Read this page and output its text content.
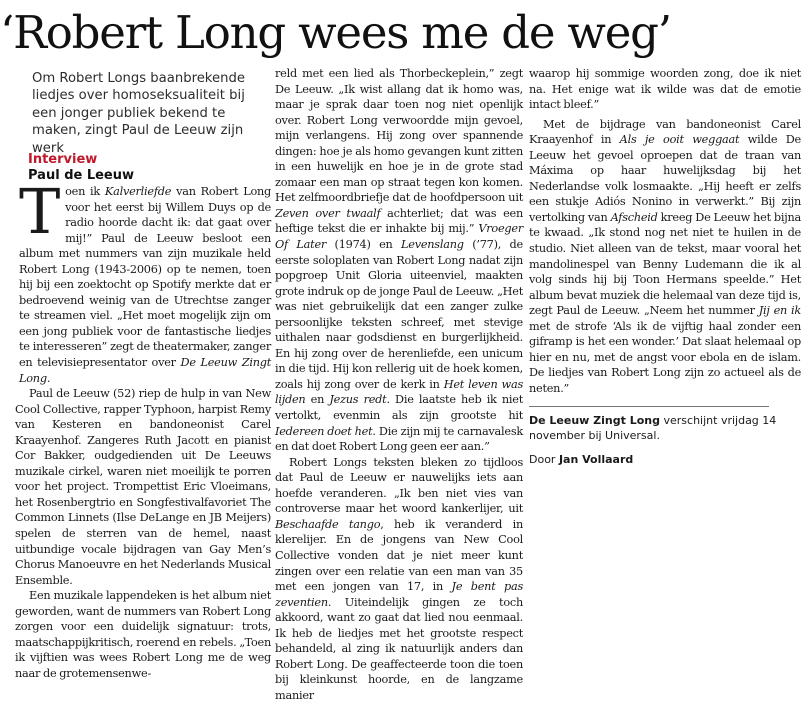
‘Robert Long wees me de weg’

Om Robert Longs baanbrekende liedjes over homoseksualiteit bij een jonger publiek bekend te maken, zingt Paul de Leeuw zijn werk

Interview
Paul de Leeuw

Toen ik Kalverliefde van Robert Long voor het eerst bij Willem Duys op de radio hoorde dacht ik: dat gaat over mij!” Paul de Leeuw besloot een album met nummers van zijn muzikale held Robert Long (1943-2006) op te nemen, toen hij bij een zoektocht op Spotify merkte dat er bedroevend weinig van de Utrechtse zanger te streamen viel. „Het moet mogelijk zijn om een jong publiek voor de fantastische liedjes te interesseren” zegt de theatermaker, zanger en televisiepresentator over De Leeuw Zingt Long.

Paul de Leeuw (52) riep de hulp in van New Cool Collective, rapper Typhoon, harpist Remy van Kesteren en bandoneonist Carel Kraayenhof. Zangeres Ruth Jacott en pianist Cor Bakker, oudgedienden uit De Leeuws muzikale cirkel, waren niet moeilijk te porren voor het project. Trompettist Eric Vloeimans, het Rosenbergtrio en Songfestivalfavoriet The Common Linnets (Ilse DeLange en JB Meijers) spelen de sterren van de hemel, naast uitbundige vocale bijdragen van Gay Men’s Chorus Manoeuvre en het Nederlands Musical Ensemble.

Een muzikale lappendeken is het album niet geworden, want de nummers van Robert Long zorgen voor een duidelijk signatuur: trots, maatschappijkritisch, roerend en rebels. „Toen ik vijftien was wees Robert Long me de weg naar de grotemensenwe-

reld met een lied als Thorbeckeplein,” zegt De Leeuw. „Ik wist allang dat ik homo was, maar je sprak daar toen nog niet openlijk over. Robert Long verwoordde mijn gevoel, mijn verlangens. Hij zong over spannende dingen: hoe je als homo gevangen kunt zitten in een huwelijk en hoe je in de grote stad zomaar een man op straat tegen kon komen. Het zelfmoordbriefje dat de hoofdpersoon uit Zeven over twaalf achterliet; dat was een heftige tekst die er inhakte bij mij.” Vroeger Of Later (1974) en Levenslang (’77), de eerste soloplaten van Robert Long nadat zijn popgroep Unit Gloria uiteenviel, maakten grote indruk op de jonge Paul de Leeuw. „Het was niet gebruikelijk dat een zanger zulke persoonlijke teksten schreef, met stevige uithalen naar godsdienst en burgerlijkheid. En hij zong over de herenliefde, een unicum in die tijd. Hij kon rellerig uit de hoek komen, zoals hij zong over de kerk in Het leven was lijden en Jezus redt. Die laatste heb ik niet vertolkt, evenmin als zijn grootste hit Iedereen doet het. Die zijn mij te carnavalesk en dat doet Robert Long geen eer aan.”

Robert Longs teksten bleken zo tijdloos dat Paul de Leeuw er nauwelijks iets aan hoefde veranderen. „Ik ben niet vies van controverse maar het woord kankerlijer, uit Beschaafde tango, heb ik veranderd in klerelijer. En de jongens van New Cool Collective vonden dat je niet meer kunt zingen over een relatie van een man van 35 met een jongen van 17, in Je bent pas zeventien. Uiteindelijk gingen ze toch akkoord, want zo gaat dat lied nou eenmaal. Ik heb de liedjes met het grootste respect behandeld, al zing ik natuurlijk anders dan Robert Long. De geaffecteerde toon die toen bij kleinkunst hoorde, en de langzame manier

waarop hij sommige woorden zong, doe ik niet na. Het enige wat ik wilde was dat de emotie intact bleef.”

Met de bijdrage van bandoneonist Carel Kraayenhof in Als je ooit weggaat wilde De Leeuw het gevoel oproepen dat de traan van Máxima op haar huwelijksdag bij het Nederlandse volk losmaakte. „Hij heeft er zelfs een stukje Adiós Nonino in verwerkt.” Bij zijn vertolking van Afscheid kreeg De Leeuw het bijna te kwaad. „Ik stond nog net niet te huilen in de studio. Niet alleen van de tekst, maar vooral het mandolinespel van Benny Ludemann die ik al volg sinds hij bij Toon Hermans speelde.” Het album bevat muziek die helemaal van deze tijd is, zegt Paul de Leeuw. „Neem het nummer Jij en ik met de strofe ‘Als ik de vijftig haal zonder een giframp is het een wonder.’ Dat slaat helemaal op hier en nu, met de angst voor ebola en de islam. De liedjes van Robert Long zijn zo actueel als de neten.”

De Leeuw Zingt Long verschijnt vrijdag 14 november bij Universal.
Door Jan Vollaard
